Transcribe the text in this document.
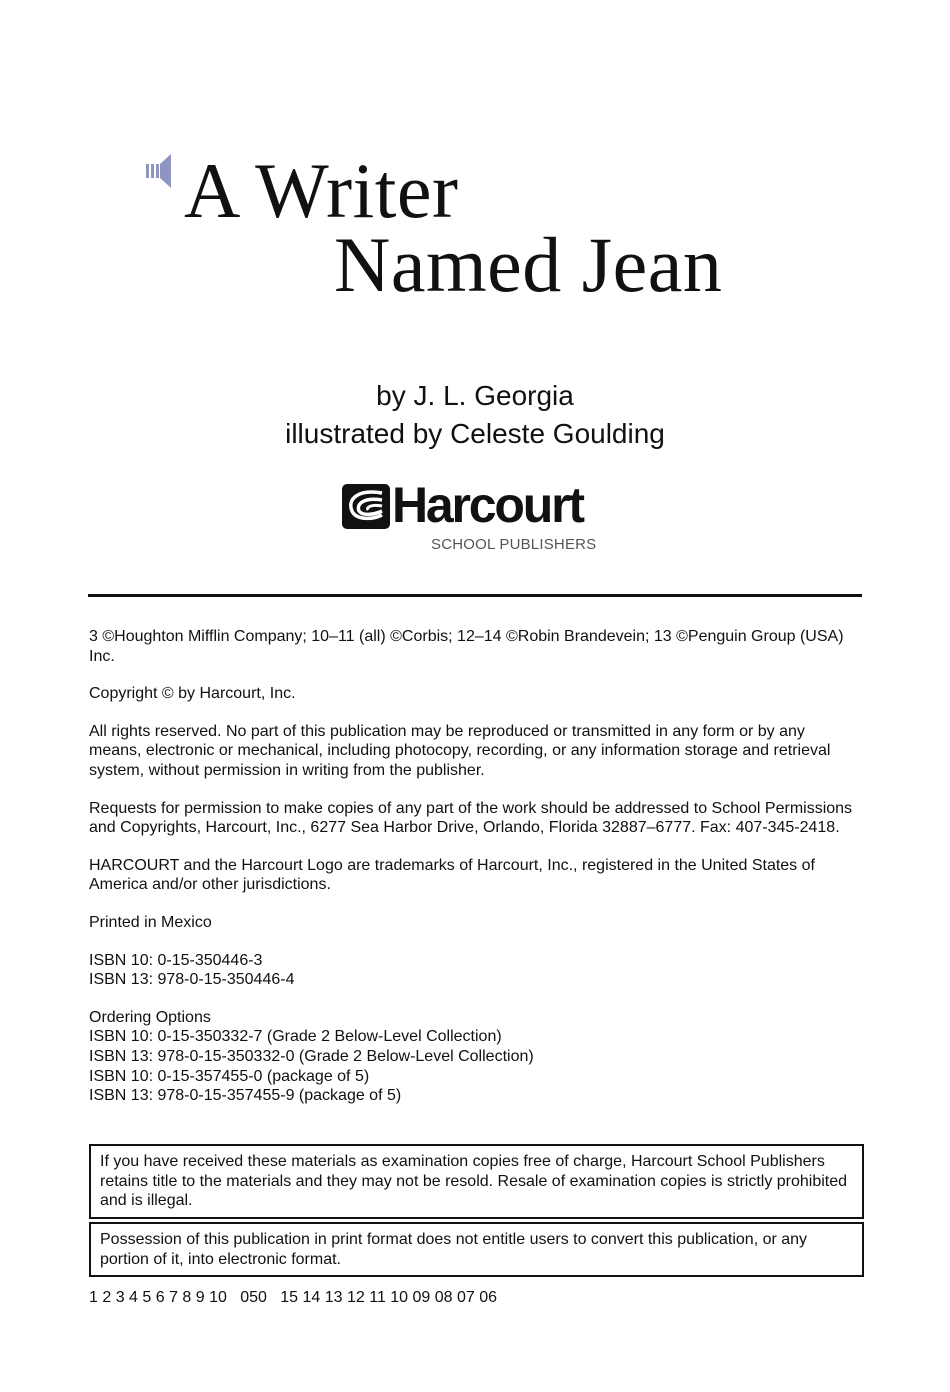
A Writer
Named Jean
by J. L. Georgia
illustrated by Celeste Goulding
Harcourt
SCHOOL PUBLISHERS

3 ©Houghton Mifflin Company; 10–11 (all) ©Corbis; 12–14 ©Robin Brandevein; 13 ©Penguin Group (USA) Inc.

Copyright © by Harcourt, Inc.

All rights reserved. No part of this publication may be reproduced or transmitted in any form or by any means, electronic or mechanical, including photocopy, recording, or any information storage and retrieval system, without permission in writing from the publisher.

Requests for permission to make copies of any part of the work should be addressed to School Permissions and Copyrights, Harcourt, Inc., 6277 Sea Harbor Drive, Orlando, Florida 32887–6777. Fax: 407-345-2418.

HARCOURT and the Harcourt Logo are trademarks of Harcourt, Inc., registered in the United States of America and/or other jurisdictions.

Printed in Mexico

ISBN 10: 0-15-350446-3
ISBN 13: 978-0-15-350446-4

Ordering Options
ISBN 10: 0-15-350332-7 (Grade 2 Below-Level Collection)
ISBN 13: 978-0-15-350332-0 (Grade 2 Below-Level Collection)
ISBN 10: 0-15-357455-0 (package of 5)
ISBN 13: 978-0-15-357455-9 (package of 5)

If you have received these materials as examination copies free of charge, Harcourt School Publishers retains title to the materials and they may not be resold. Resale of examination copies is strictly prohibited and is illegal.
Possession of this publication in print format does not entitle users to convert this publication, or any portion of it, into electronic format.
1 2 3 4 5 6 7 8 9 10   050   15 14 13 12 11 10 09 08 07 06
